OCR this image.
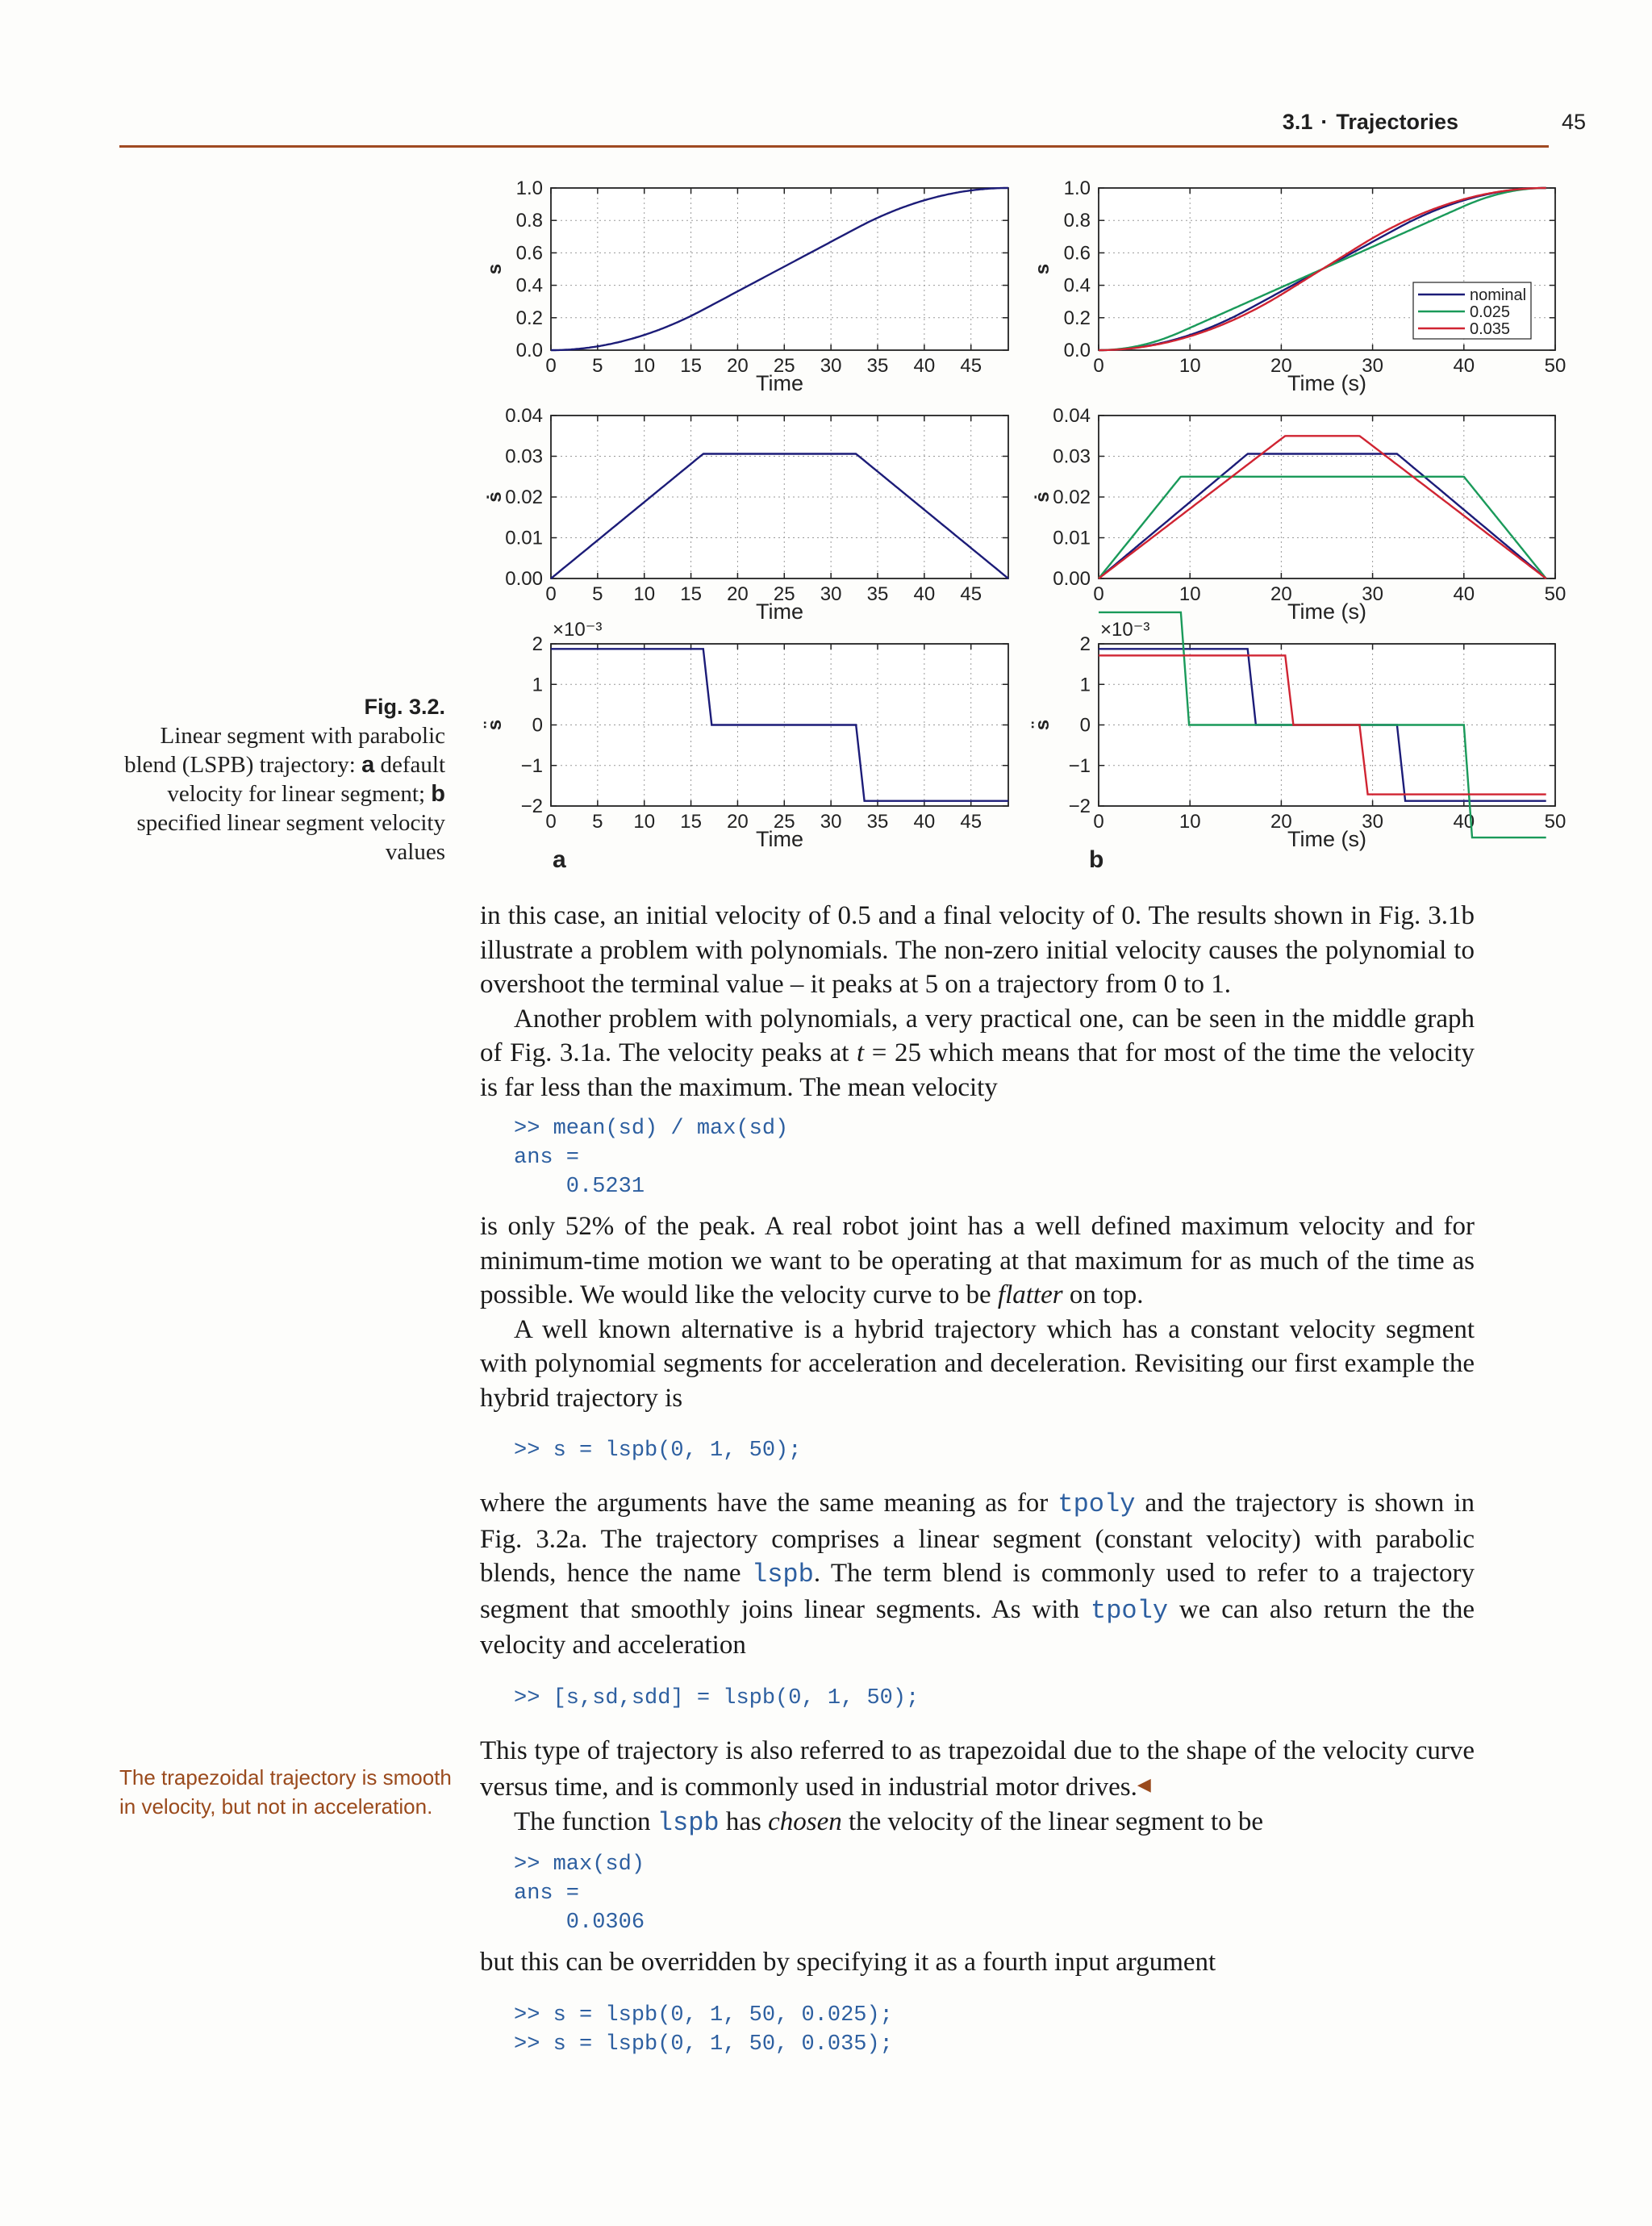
3.1 · Trajectories	45
0 5 10 15 20 25 30 35 40 45
0.0
0.2
0.4
0.6
0.8
1.0
Time
s
0 5 10 15 20 25 30 35 40 45
0.00
0.01
0.02
0.03
0.04
Time
ṡ
0 5 10 15 20 25 30 35 40 45
−2
−1
0
1
2
Time
s̈
×10⁻³
0	10	20	30	40	50
0.0
0.2
0.4
0.6
0.8
1.0
Time (s)
s
nominal
0.025
0.035
0	10	20	30	40	50
0.00
0.01
0.02
0.03
0.04
Time (s)
ṡ
0	10	20	30	40	50
−2
−1
0
1
2
Time (s)
s̈
×10⁻³
a	b
Fig. 3.2.
Linear segment with parabolic blend (LSPB) trajectory: a default velocity for linear segment; b specified linear segment velocity values
The trapezoidal trajectory is smooth in velocity, but not in acceleration.

in this case, an initial velocity of 0.5 and a final velocity of 0. The results shown in Fig. 3.1b illustrate a problem with polynomials. The non-zero initial velocity causes the polynomial to overshoot the terminal value – it peaks at 5 on a trajectory from 0 to 1.

Another problem with polynomials, a very practical one, can be seen in the middle graph of Fig. 3.1a. The velocity peaks at t = 25 which means that for most of the time the velocity is far less than the maximum. The mean velocity

>> mean(sd) / max(sd)
ans =
0.5231

is only 52% of the peak. A real robot joint has a well defined maximum velocity and for minimum-time motion we want to be operating at that maximum for as much of the time as possible. We would like the velocity curve to be flatter on top.

A well known alternative is a hybrid trajectory which has a constant velocity segment with polynomial segments for acceleration and deceleration. Revisiting our first example the hybrid trajectory is

>> s = lspb(0, 1, 50);

where the arguments have the same meaning as for tpoly and the trajectory is shown in Fig. 3.2a. The trajectory comprises a linear segment (constant velocity) with parabolic blends, hence the name lspb. The term blend is commonly used to refer to a trajectory segment that smoothly joins linear segments. As with tpoly we can also return the the velocity and acceleration

>> [s,sd,sdd] = lspb(0, 1, 50);

This type of trajectory is also referred to as trapezoidal due to the shape of the velocity curve versus time, and is commonly used in industrial motor drives.◀

The function lspb has chosen the velocity of the linear segment to be

>> max(sd)
ans =
0.0306

but this can be overridden by specifying it as a fourth input argument

>> s = lspb(0, 1, 50, 0.025);
>> s = lspb(0, 1, 50, 0.035);
